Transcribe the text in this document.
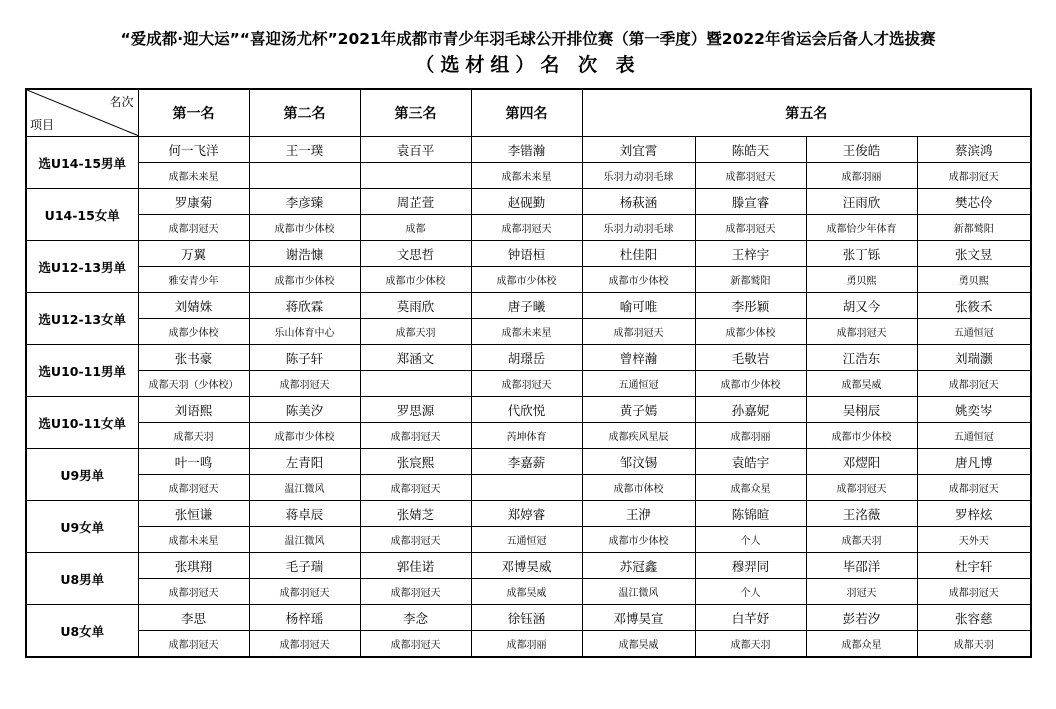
“爱成都·迎大运”“喜迎汤尤杯”2021年成都市青少年羽毛球公开排位赛（第一季度）暨2022年省运会后备人才选拔赛
（选材组）名 次 表
名次
项目	第一名	第二名	第三名	第四名	第五名			
选U14-15男单	何一飞洋	王一璞	袁百平	李锴瀚	刘宜霄	陈皓天	王俊皓	蔡滨鸿
	成都未来星			成都未来星	乐羽力动羽毛球	成都羽冠天	成都羽丽	成都羽冠天
U14-15女单	罗康菊	李彦臻	周芷萱	赵砚勤	杨萩涵	滕宣睿	汪雨欣	樊芯伶
	成都羽冠天	成都市少体校	成都	成都羽冠天	乐羽力动羽毛球	成都羽冠天	成都恰少年体育	新都鹫阳
选U12-13男单	万翼	谢浩慷	文思哲	钟语桓	杜佳阳	王梓宇	张丁铄	张文昱
	雅安青少年	成都市少体校	成都市少体校	成都市少体校	成都市少体校	新都鹫阳	勇贝熙	勇贝熙
选U12-13女单	刘婧姝	蒋欣霖	莫雨欣	唐子曦	喻可唯	李彤颖	胡又今	张筱禾
	成都少体校	乐山体育中心	成都天羽	成都未来星	成都羽冠天	成都少体校	成都羽冠天	五通恒冠
选U10-11男单	张书豪	陈子轩	郑涵文	胡璟岳	曾梓瀚	毛敬岩	江浩东	刘瑞灏
	成都天羽（少体校）	成都羽冠天		成都羽冠天	五通恒冠	成都市少体校	成都昊威	成都羽冠天
选U10-11女单	刘语熙	陈美汐	罗思源	代欣悦	黄子嫣	孙嘉妮	吴栩辰	姚奕岑
	成都天羽	成都市少体校	成都羽冠天	芮坤体育	成都疾风星辰	成都羽丽	成都市少体校	五通恒冠
U9男单	叶一鸣	左青阳	张宸熙	李嘉薪	邹汶锡	袁皓宇	邓熤阳	唐凡博
	成都羽冠天	温江微风	成都羽冠天		成都市体校	成都众星	成都羽冠天	成都羽冠天
U9女单	张恒谦	蒋卓辰	张婧芝	郑婷睿	王洢	陈锦暄	王洺薇	罗梓炫
	成都未来星	温江微风	成都羽冠天	五通恒冠	成都市少体校	个人	成都天羽	天外天
U8男单	张琪翔	毛子瑞	郭佳诺	邓博昊威	苏冠鑫	穆羿同	毕邵洋	杜宇轩
	成都羽冠天	成都羽冠天	成都羽冠天	成都昊威	温江微风	个人	羽冠天	成都羽冠天
U8女单	李思	杨梓瑶	李念	徐钰涵	邓博昊宣	白芊妤	彭若汐	张容慈
	成都羽冠天	成都羽冠天	成都羽冠天	成都羽丽	成都昊威	成都天羽	成都众星	成都天羽
